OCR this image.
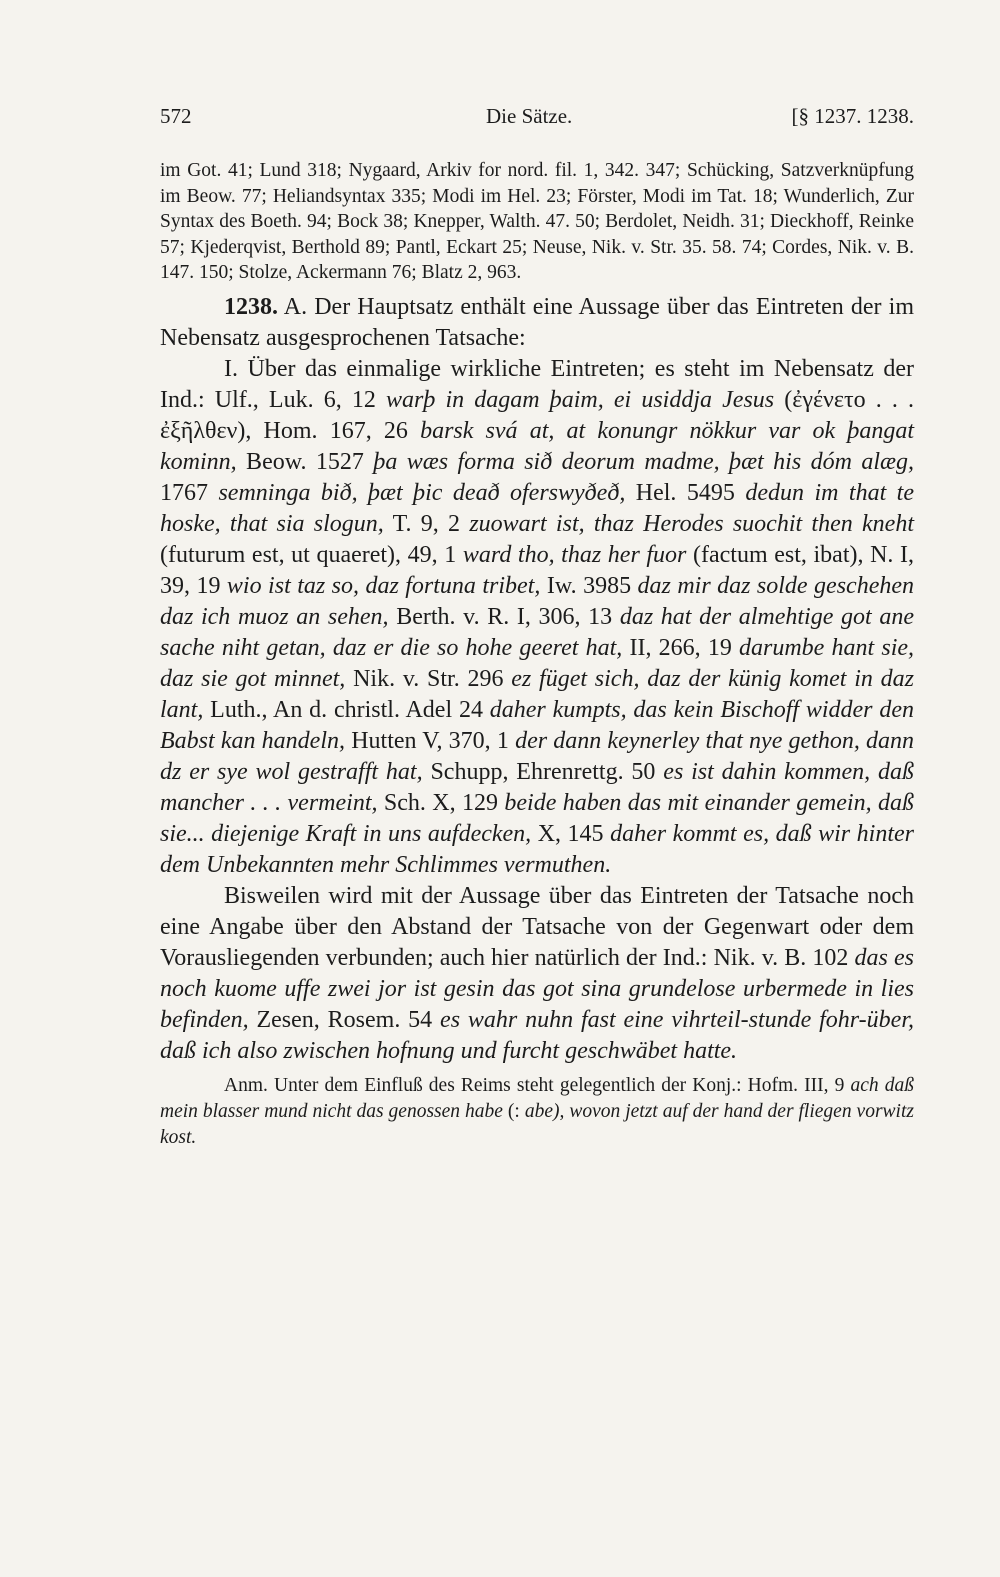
572	Die Sätze.	[§ 1237. 1238.

im Got. 41; Lund 318; Nygaard, Arkiv for nord. fil. 1, 342. 347; Schücking, Satzverknüpfung im Beow. 77; Heliandsyntax 335; Modi im Hel. 23; Förster, Modi im Tat. 18; Wunderlich, Zur Syntax des Boeth. 94; Bock 38; Knepper, Walth. 47. 50; Berdolet, Neidh. 31; Dieckhoff, Reinke 57; Kjederqvist, Berthold 89; Pantl, Eckart 25; Neuse, Nik. v. Str. 35. 58. 74; Cordes, Nik. v. B. 147. 150; Stolze, Ackermann 76; Blatz 2, 963.

1238. A. Der Hauptsatz enthält eine Aussage über das Eintreten der im Nebensatz ausgesprochenen Tatsache:

I. Über das einmalige wirkliche Eintreten; es steht im Nebensatz der Ind.: Ulf., Luk. 6, 12 warþ in dagam þaim, ei usiddja Jesus (ἐγένετο . . . ἐξῆλθεν), Hom. 167, 26 barsk svá at, at konungr nökkur var ok þangat kominn, Beow. 1527 þa wæs forma sið deorum madme, þæt his dóm alæg, 1767 semninga bið, þæt þic deað oferswyðeð, Hel. 5495 dedun im that te hoske, that sia slogun, T. 9, 2 zuowart ist, thaz Herodes suochit then kneht (futurum est, ut quaeret), 49, 1 ward tho, thaz her fuor (factum est, ibat), N. I, 39, 19 wio ist taz so, daz fortuna tribet, Iw. 3985 daz mir daz solde geschehen daz ich muoz an sehen, Berth. v. R. I, 306, 13 daz hat der almehtige got ane sache niht getan, daz er die so hohe geeret hat, II, 266, 19 darumbe hant sie, daz sie got minnet, Nik. v. Str. 296 ez füget sich, daz der künig komet in daz lant, Luth., An d. christl. Adel 24 daher kumpts, das kein Bischoff widder den Babst kan handeln, Hutten V, 370, 1 der dann keynerley that nye gethon, dann dz er sye wol gestrafft hat, Schupp, Ehrenrettg. 50 es ist dahin kommen, daß mancher . . . vermeint, Sch. X, 129 beide haben das mit einander gemein, daß sie... diejenige Kraft in uns aufdecken, X, 145 daher kommt es, daß wir hinter dem Unbekannten mehr Schlimmes vermuthen.

Bisweilen wird mit der Aussage über das Eintreten der Tatsache noch eine Angabe über den Abstand der Tatsache von der Gegenwart oder dem Vorausliegenden verbunden; auch hier natürlich der Ind.: Nik. v. B. 102 das es noch kuome uffe zwei jor ist gesin das got sina grundelose urbermede in lies befinden, Zesen, Rosem. 54 es wahr nuhn fast eine vihrteil-stunde fohr-über, daß ich also zwischen hofnung und furcht geschwäbet hatte.

Anm. Unter dem Einfluß des Reims steht gelegentlich der Konj.: Hofm. III, 9 ach daß mein blasser mund nicht das genossen habe (: abe), wovon jetzt auf der hand der fliegen vorwitz kost.
